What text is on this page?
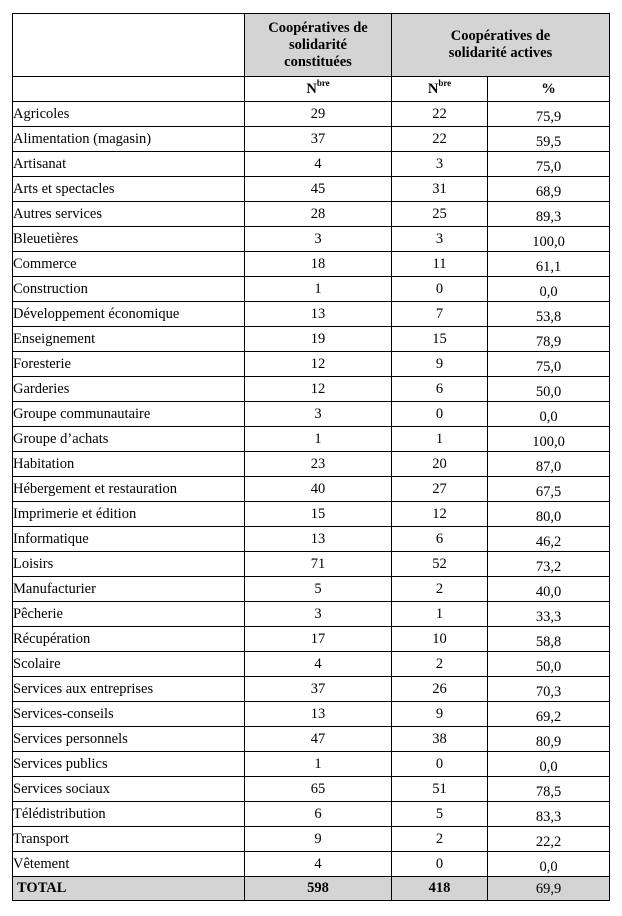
	Coopératives de solidarité constituées	Coopératives de solidarité actives	
	$N^{bre}$	$N^{bre}$	%
Agricoles	29	22	75,9
Alimentation (magasin)	37	22	59,5
Artisanat	4	3	75,0
Arts et spectacles	45	31	68,9
Autres services	28	25	89,3
Bleuetières	3	3	100,0
Commerce	18	11	61,1
Construction	1	0	0,0
Développement économique	13	7	53,8
Enseignement	19	15	78,9
Foresterie	12	9	75,0
Garderies	12	6	50,0
Groupe communautaire	3	0	0,0
Groupe d’achats	1	1	100,0
Habitation	23	20	87,0
Hébergement et restauration	40	27	67,5
Imprimerie et édition	15	12	80,0
Informatique	13	6	46,2
Loisirs	71	52	73,2
Manufacturier	5	2	40,0
Pêcherie	3	1	33,3
Récupération	17	10	58,8
Scolaire	4	2	50,0
Services aux entreprises	37	26	70,3
Services-conseils	13	9	69,2
Services personnels	47	38	80,9
Services publics	1	0	0,0
Services sociaux	65	51	78,5
Télédistribution	6	5	83,3
Transport	9	2	22,2
Vêtement	4	0	0,0
TOTAL	598	418	69,9
